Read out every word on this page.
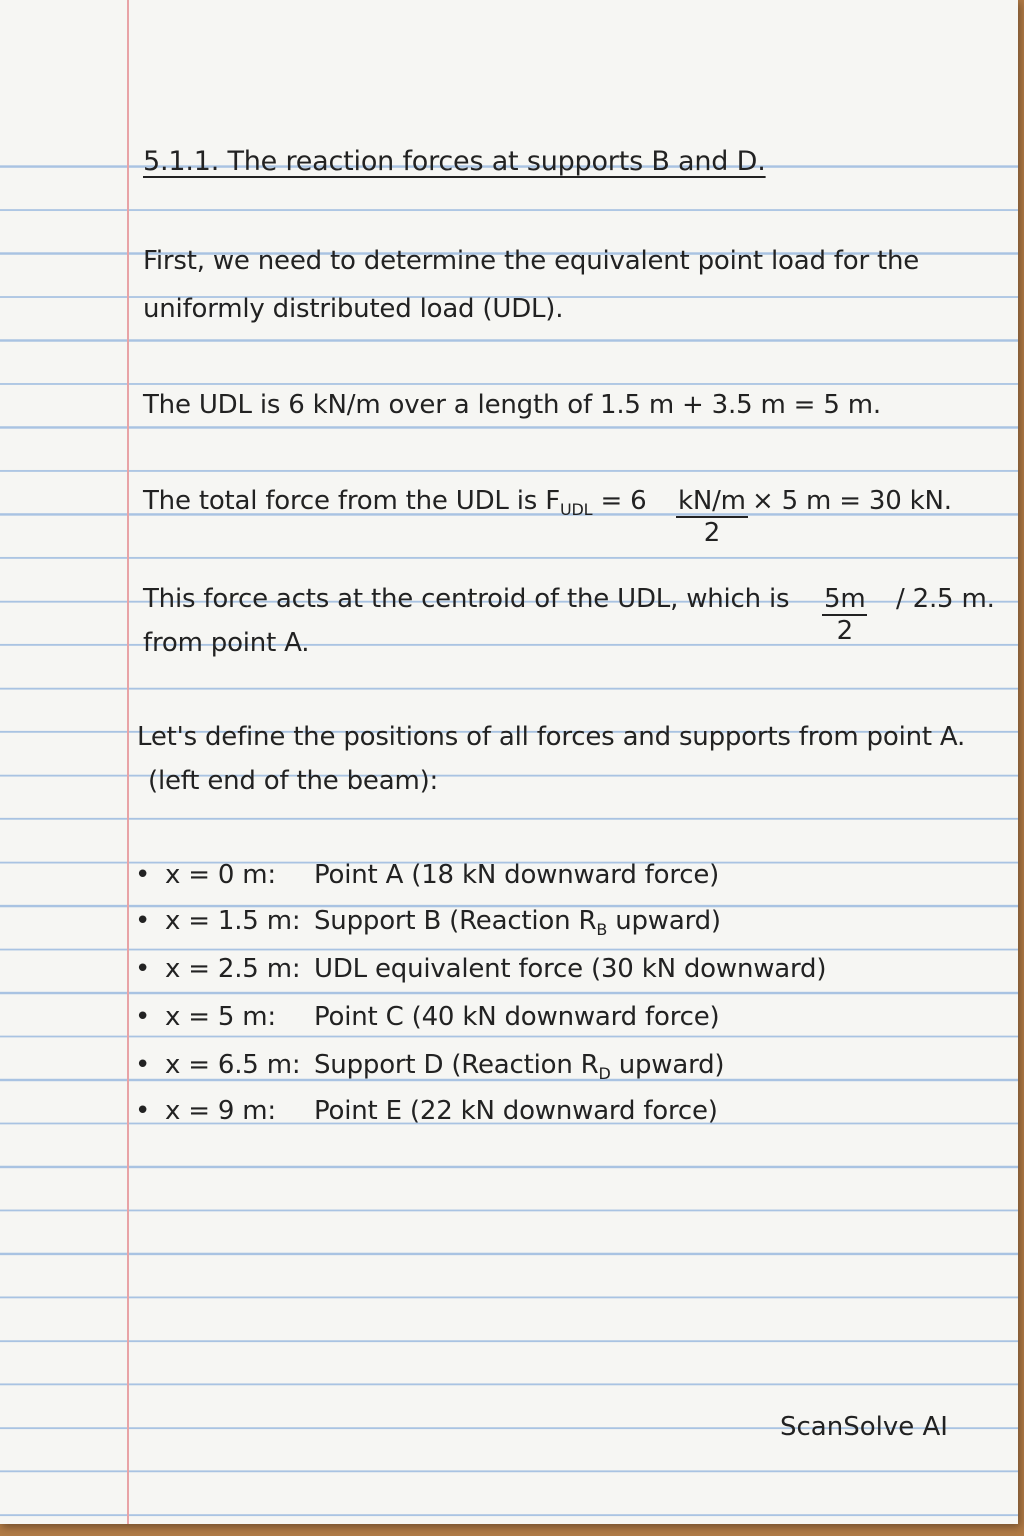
5.1.1. The reaction forces at supports B and D.
First, we need to determine the equivalent point load for the
uniformly distributed load (UDL).
The UDL is 6 kN/m over a length of 1.5 m + 3.5 m = 5 m.
The total force from the UDL is $F_{UDL} = 6 \frac{kN/m}{2} \times 5$ m = 30 kN.
This force acts at the centroid of the UDL, which is $\frac{5m}{2} / 2.5$ m.
from point A.
Let's define the positions of all forces and supports from point A.
(left end of the beam):
• x = 0 m: Point A (18 kN downward force)
• x = 1.5 m: Support B (Reaction $R_B$ upward)
• x = 2.5 m: UDL equivalent force (30 kN downward)
• x = 5 m: Point C (40 kN downward force)
• x = 6.5 m: Support D (Reaction $R_D$ upward)
• x = 9 m: Point E (22 kN downward force)
ScanSolve AI
